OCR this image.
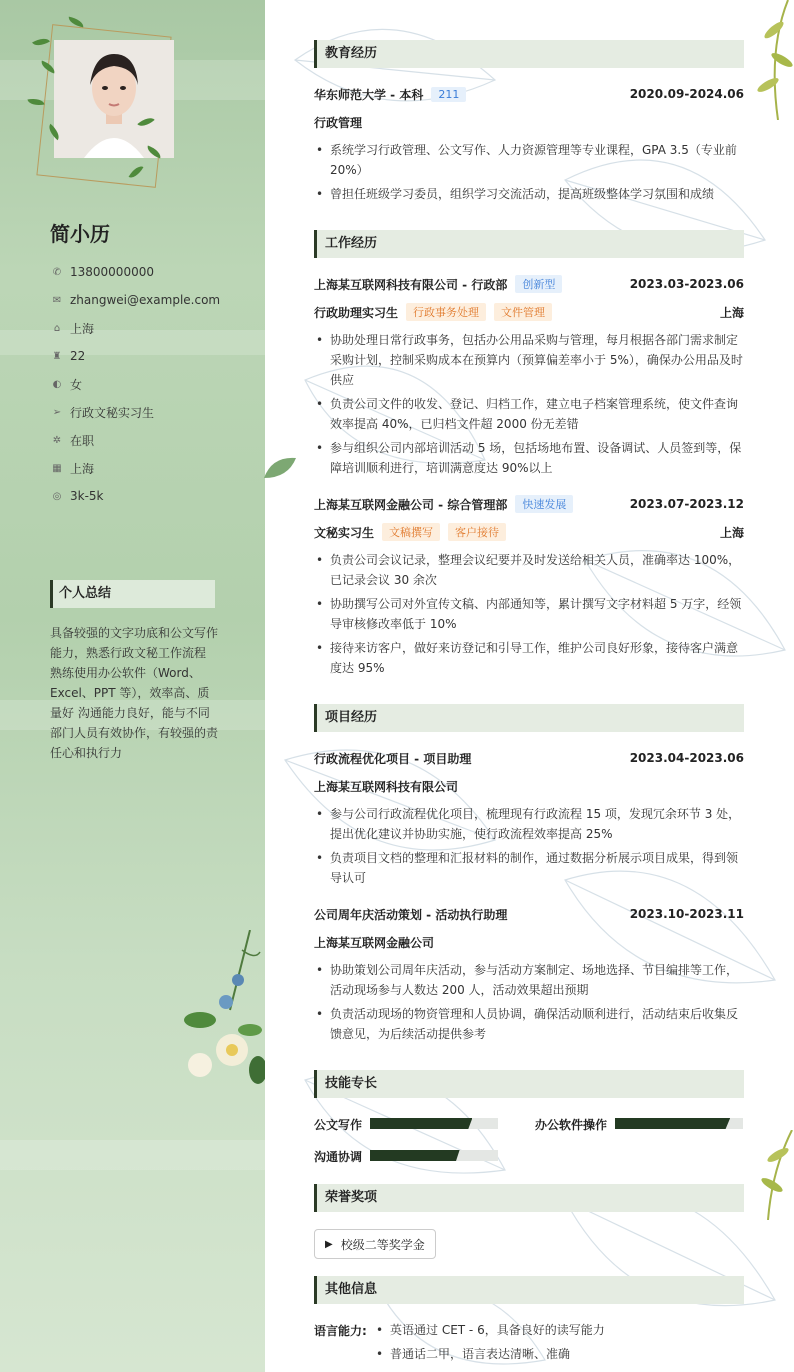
简小历
✆ 13800000000
✉ zhangwei@example.com
⌂ 上海
♜ 22
◐ 女
➢ 行政文秘实习生
✲ 在职
▦ 上海
◎ 3k-5k
个人总结
具备较强的文字功底和公文写作能力，熟悉行政文秘工作流程 熟练使用办公软件（Word、Excel、PPT 等），效率高、质量好 沟通能力良好，能与不同部门人员有效协作，有较强的责任心和执行力
教育经历
华东师范大学 - 本科	211	2020.09-2024.06
行政管理
• 系统学习行政管理、公文写作、人力资源管理等专业课程，GPA 3.5（专业前 20%）
• 曾担任班级学习委员，组织学习交流活动，提高班级整体学习氛围和成绩
工作经历
上海某互联网科技有限公司 - 行政部	创新型	2023.03-2023.06
行政助理实习生	行政事务处理	文件管理	上海
• 协助处理日常行政事务，包括办公用品采购与管理，每月根据各部门需求制定采购计划，控制采购成本在预算内（预算偏差率小于 5%），确保办公用品及时供应
• 负责公司文件的收发、登记、归档工作，建立电子档案管理系统，使文件查询效率提高 40%，已归档文件超 2000 份无差错
• 参与组织公司内部培训活动 5 场，包括场地布置、设备调试、人员签到等，保障培训顺利进行，培训满意度达 90%以上
上海某互联网金融公司 - 综合管理部	快速发展	2023.07-2023.12
文秘实习生	文稿撰写	客户接待	上海
• 负责公司会议记录，整理会议纪要并及时发送给相关人员，准确率达 100%，已记录会议 30 余次
• 协助撰写公司对外宣传文稿、内部通知等，累计撰写文字材料超 5 万字，经领导审核修改率低于 10%
• 接待来访客户，做好来访登记和引导工作，维护公司良好形象，接待客户满意度达 95%
项目经历
行政流程优化项目 - 项目助理	2023.04-2023.06
上海某互联网科技有限公司
• 参与公司行政流程优化项目，梳理现有行政流程 15 项，发现冗余环节 3 处，提出优化建议并协助实施，使行政流程效率提高 25%
• 负责项目文档的整理和汇报材料的制作，通过数据分析展示项目成果，得到领导认可
公司周年庆活动策划 - 活动执行助理	2023.10-2023.11
上海某互联网金融公司
• 协助策划公司周年庆活动，参与活动方案制定、场地选择、节目编排等工作，活动现场参与人数达 200 人，活动效果超出预期
• 负责活动现场的物资管理和人员协调，确保活动顺利进行，活动结束后收集反馈意见，为后续活动提供参考
技能专长
公文写作	办公软件操作
沟通协调
荣誉奖项
▶ 校级二等奖学金
其他信息
语言能力: • 英语通过 CET - 6，具备良好的读写能力
• 普通话二甲，语言表达清晰、准确
